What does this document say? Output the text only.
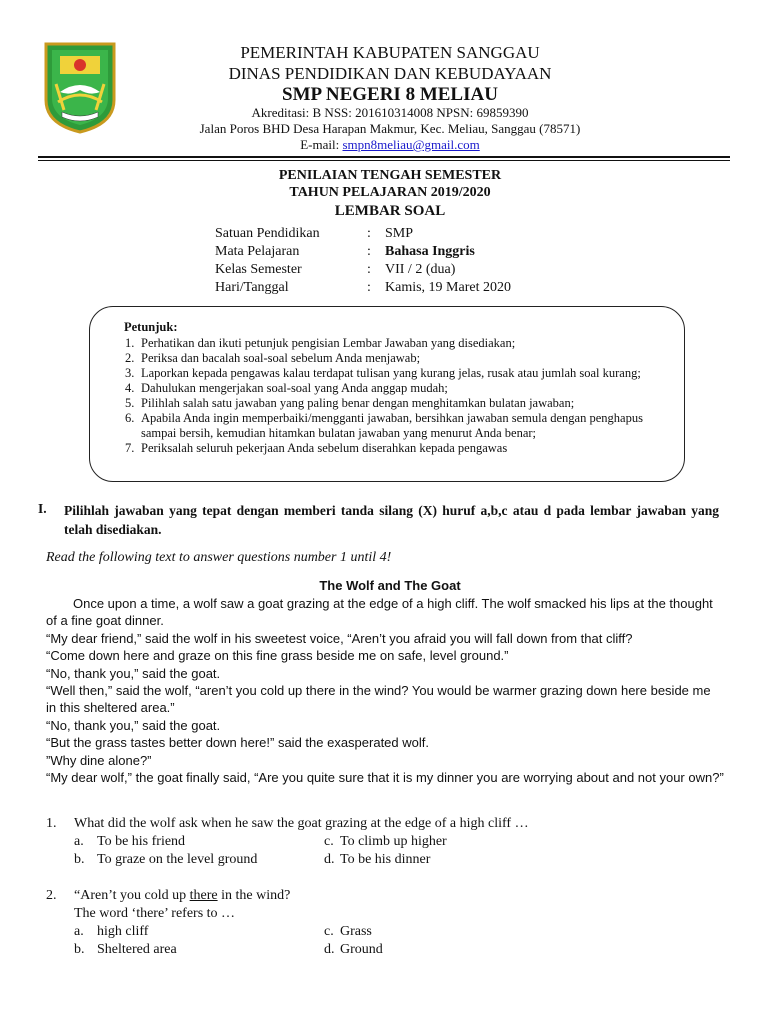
PEMERINTAH KABUPATEN SANGGAU
DINAS PENDIDIKAN DAN KEBUDAYAAN
SMP NEGERI 8 MELIAU
Akreditasi: B NSS: 201610314008 NPSN: 69859390
Jalan Poros BHD Desa Harapan Makmur, Kec. Meliau, Sanggau (78571)
E-mail: smpn8meliau@gmail.com
PENILAIAN TENGAH SEMESTER
TAHUN PELAJARAN 2019/2020
LEMBAR SOAL
Satuan Pendidikan	:	SMP
Mata Pelajaran	:	Bahasa Inggris
Kelas Semester	:	VII / 2 (dua)
Hari/Tanggal	:	Kamis, 19 Maret 2020
Petunjuk:
1. Perhatikan dan ikuti petunjuk pengisian Lembar Jawaban yang disediakan;
2. Periksa dan bacalah soal-soal sebelum Anda menjawab;
3. Laporkan kepada pengawas kalau terdapat tulisan yang kurang jelas, rusak atau jumlah soal kurang;
4. Dahulukan mengerjakan soal-soal yang Anda anggap mudah;
5. Pilihlah salah satu jawaban yang paling benar dengan menghitamkan bulatan jawaban;
6. Apabila Anda ingin memperbaiki/mengganti jawaban, bersihkan jawaban semula dengan penghapus sampai bersih, kemudian hitamkan bulatan jawaban yang menurut Anda benar;
7. Periksalah seluruh pekerjaan Anda sebelum diserahkan kepada pengawas
I. Pilihlah jawaban yang tepat dengan memberi tanda silang (X) huruf a,b,c atau d pada lembar jawaban yang telah disediakan.
Read the following text to answer questions number 1 until 4!
The Wolf and The Goat

Once upon a time, a wolf saw a goat grazing at the edge of a high cliff. The wolf smacked his lips at the thought of a fine goat dinner.

“My dear friend,” said the wolf in his sweetest voice, “Aren’t you afraid you will fall down from that cliff?

“Come down here and graze on this fine grass beside me on safe, level ground.”

“No, thank you,” said the goat.

“Well then,” said the wolf, “aren’t you cold up there in the wind? You would be warmer grazing down here beside me in this sheltered area.”

“No, thank you,” said the goat.

“But the grass tastes better down here!” said the exasperated wolf.

”Why dine alone?”

“My dear wolf,” the goat finally said, “Are you quite sure that it is my dinner you are worrying about and not your own?”

1.	What did the wolf ask when he saw the goat grazing at the edge of a high cliff …
a. To be his friend	c. To climb up higher
b. To graze on the level ground	d. To be his dinner
2.	“Aren’t you cold up there in the wind?
The word ‘there’ refers to …
a. high cliff	c. Grass
b. Sheltered area	d. Ground
